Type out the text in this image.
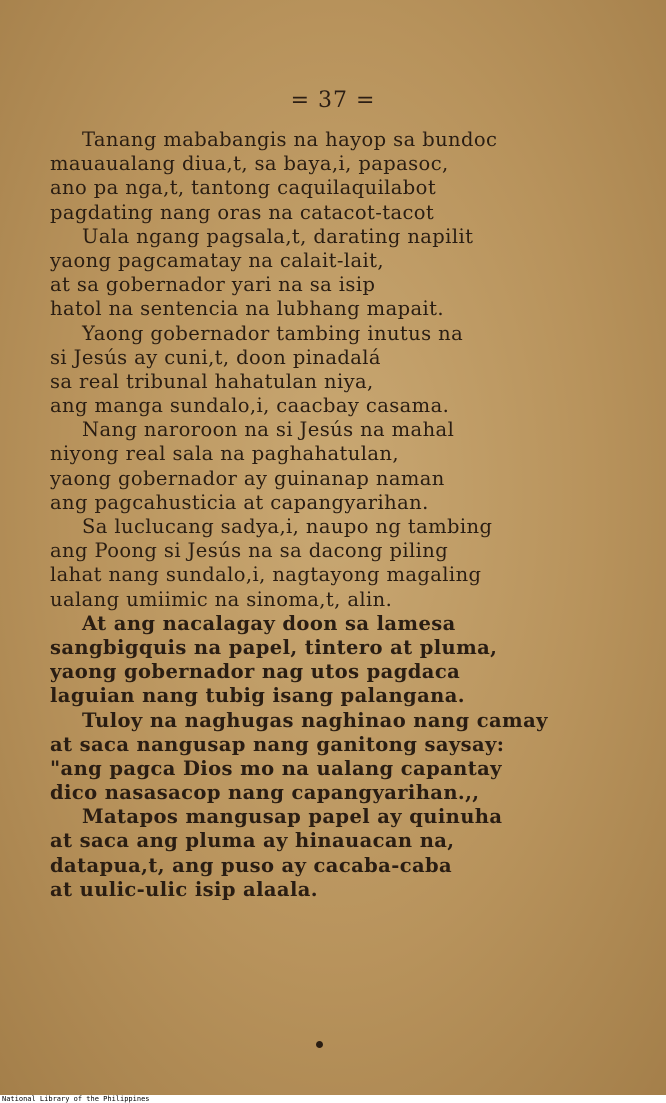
= 37 =
Tanang mababangis na hayop sa bundoc
mauaualang diua,t, sa baya,i, papasoc,
ano pa nga,t, tantong caquilaquilabot
pagdating nang oras na catacot-tacot
Uala ngang pagsala,t, darating napilit
yaong pagcamatay na calait-lait,
at sa gobernador yari na sa isip
hatol na sentencia na lubhang mapait.
Yaong gobernador tambing inutus na
si Jesús ay cuni,t, doon pinadalá
sa real tribunal hahatulan niya,
ang manga sundalo,i, caacbay casama.
Nang naroroon na si Jesús na mahal
niyong real sala na paghahatulan,
yaong gobernador ay guinanap naman
ang pagcahusticia at capangyarihan.
Sa luclucang sadya,i, naupo ng tambing
ang Poong si Jesús na sa dacong piling
lahat nang sundalo,i, nagtayong magaling
ualang umiimic na sinoma,t, alin.
At ang nacalagay doon sa lamesa
sangbigquis na papel, tintero at pluma,
yaong gobernador nag utos pagdaca
laguian nang tubig isang palangana.
Tuloy na naghugas naghinao nang camay
at saca nangusap nang ganitong saysay:
"ang pagca Dios mo na ualang capantay
dico nasasacop nang capangyarihan.,,
Matapos mangusap papel ay quinuha
at saca ang pluma ay hinauacan na,
datapua,t, ang puso ay cacaba-caba
at uulic-ulic isip alaala.
National Library of the Philippines
